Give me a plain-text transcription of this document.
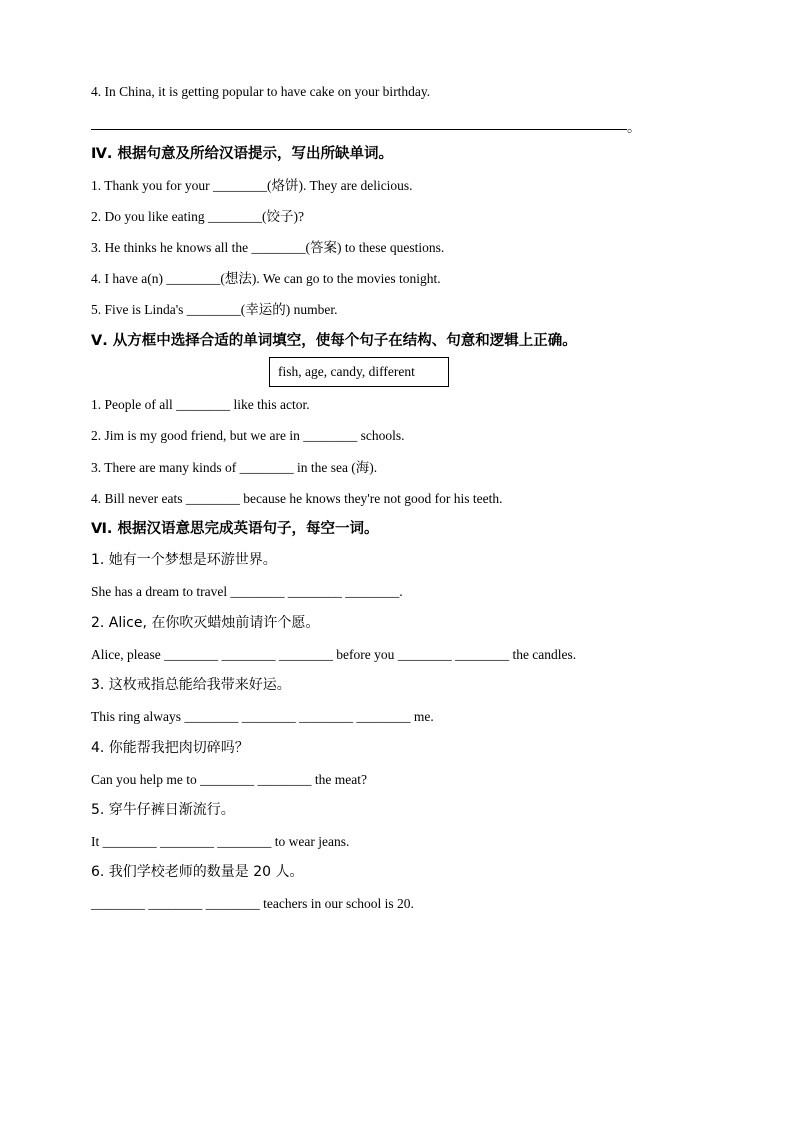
4. In China, it is getting popular to have cake on your birthday.
。
Ⅳ. 根据句意及所给汉语提示，写出所缺单词。
1. Thank you for your ________(烙饼). They are delicious.
2. Do you like eating ________(饺子)?
3. He thinks he knows all the ________(答案) to these questions.
4. I have a(n) ________(想法). We can go to the movies tonight.
5. Five is Linda's ________(幸运的) number.
Ⅴ. 从方框中选择合适的单词填空，使每个句子在结构、句意和逻辑上正确。
fish, age, candy, different
1. People of all ________ like this actor.
2. Jim is my good friend, but we are in ________ schools.
3. There are many kinds of ________ in the sea (海).
4. Bill never eats ________ because he knows they're not good for his teeth.
Ⅵ. 根据汉语意思完成英语句子，每空一词。
1. 她有一个梦想是环游世界。
She has a dream to travel ________ ________ ________.
2. Alice, 在你吹灭蜡烛前请许个愿。
Alice, please ________ ________ ________ before you ________ ________ the candles.
3. 这枚戒指总能给我带来好运。
This ring always ________ ________ ________ ________ me.
4. 你能帮我把肉切碎吗？
Can you help me to ________ ________ the meat?
5. 穿牛仔裤日渐流行。
It ________ ________ ________ to wear jeans.
6. 我们学校老师的数量是 20 人。
________ ________ ________ teachers in our school is 20.
